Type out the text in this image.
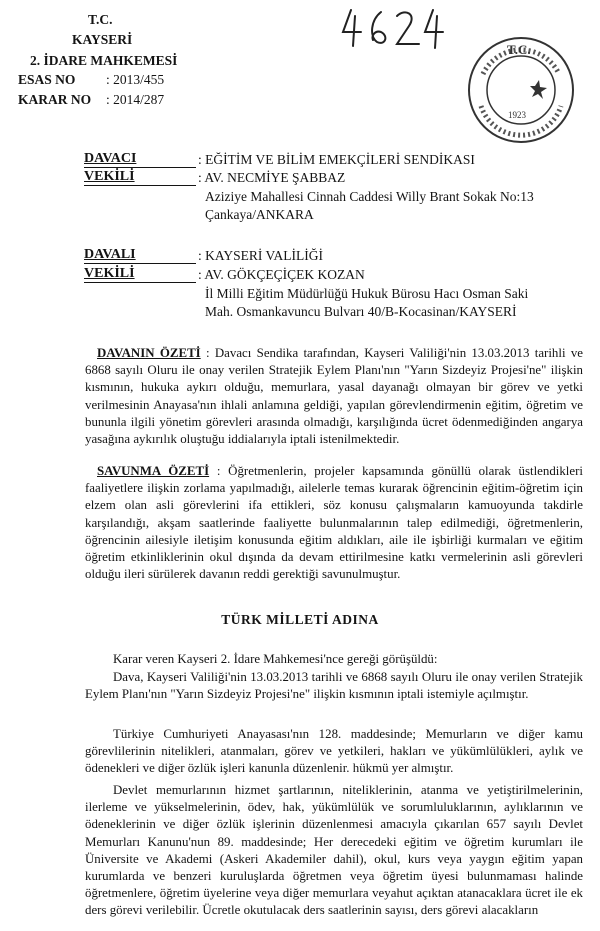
T.C.
KAYSERİ
2. İDARE MAHKEMESİ
ESAS NO : 2013/455
KARAR NO : 2014/287
4624
T.C.
1923
DAVACI	: EĞİTİM VE BİLİM EMEKÇİLERİ SENDİKASI
VEKİLİ	: AV. NECMİYE ŞABBAZ
Aziziye Mahallesi Cinnah Caddesi Willy Brant Sokak No:13
Çankaya/ANKARA
DAVALI	: KAYSERİ VALİLİĞİ
VEKİLİ	: AV. GÖKÇEÇİÇEK KOZAN
İl Milli Eğitim Müdürlüğü Hukuk Bürosu Hacı Osman Saki
Mah. Osmankavuncu Bulvarı 40/B-Kocasinan/KAYSERİ
DAVANIN ÖZETİ : Davacı Sendika tarafından, Kayseri Valiliği'nin 13.03.2013 tarihli ve 6868 sayılı Oluru ile onay verilen Stratejik Eylem Planı'nın "Yarın Sizdeyiz Projesi'ne" ilişkin kısmının, hukuka aykırı olduğu, memurlara, yasal dayanağı olmayan bir görev ve yetki verilmesinin Anayasa'nın ihlali anlamına geldiği, yapılan görevlendirmenin eğitim, öğretim ve bununla ilgili yönetim görevleri arasında olmadığı, karşılığında ücret ödenmediğinden angarya yasağına aykırılık oluştuğu iddialarıyla iptali istenilmektedir.
SAVUNMA ÖZETİ : Öğretmenlerin, projeler kapsamında gönüllü olarak üstlendikleri faaliyetlere ilişkin zorlama yapılmadığı, ailelerle temas kurarak öğrencinin eğitim-öğretim için elzem olan asli görevlerini ifa ettikleri, söz konusu çalışmaların kamuoyunda takdirle karşılandığı, akşam saatlerinde faaliyette bulunmalarının talep edilmediği, öğretmenlerin, öğrencinin ailesiyle iletişim konusunda eğitim aldıkları, aile ile işbirliği kurmaları ve eğitim öğretim etkinliklerinin okul dışında da devam ettirilmesine katkı vermelerinin asli görevleri olduğu ileri sürülerek davanın reddi gerektiği savunulmuştur.
TÜRK MİLLETİ ADINA
Karar veren Kayseri 2. İdare Mahkemesi'nce gereği görüşüldü:
Dava, Kayseri Valiliği'nin 13.03.2013 tarihli ve 6868 sayılı Oluru ile onay verilen Stratejik Eylem Planı'nın "Yarın Sizdeyiz Projesi'ne" ilişkin kısmının iptali istemiyle açılmıştır.
Türkiye Cumhuriyeti Anayasası'nın 128. maddesinde; Memurların ve diğer kamu görevlilerinin nitelikleri, atanmaları, görev ve yetkileri, hakları ve yükümlülükleri, aylık ve ödenekleri ve diğer özlük işleri kanunla düzenlenir. hükmü yer almıştır.
Devlet memurlarının hizmet şartlarının, niteliklerinin, atanma ve yetiştirilmelerinin, ilerleme ve yükselmelerinin, ödev, hak, yükümlülük ve sorumluluklarının, aylıklarının ve ödeneklerinin ve diğer özlük işlerinin düzenlenmesi amacıyla çıkarılan 657 sayılı Devlet Memurları Kanunu'nun 89. maddesinde; Her derecedeki eğitim ve öğretim kurumları ile Üniversite ve Akademi (Askeri Akademiler dahil), okul, kurs veya yaygın eğitim yapan kurumlarda ve benzeri kuruluşlarda öğretmen veya öğretim üyesi bulunmaması halinde öğretmenlere, öğretim üyelerine veya diğer memurlara veyahut açıktan atanacaklara ücret ile ek ders görevi verilebilir. Ücretle okutulacak ders saatlerinin sayısı, ders görevi alacakların
